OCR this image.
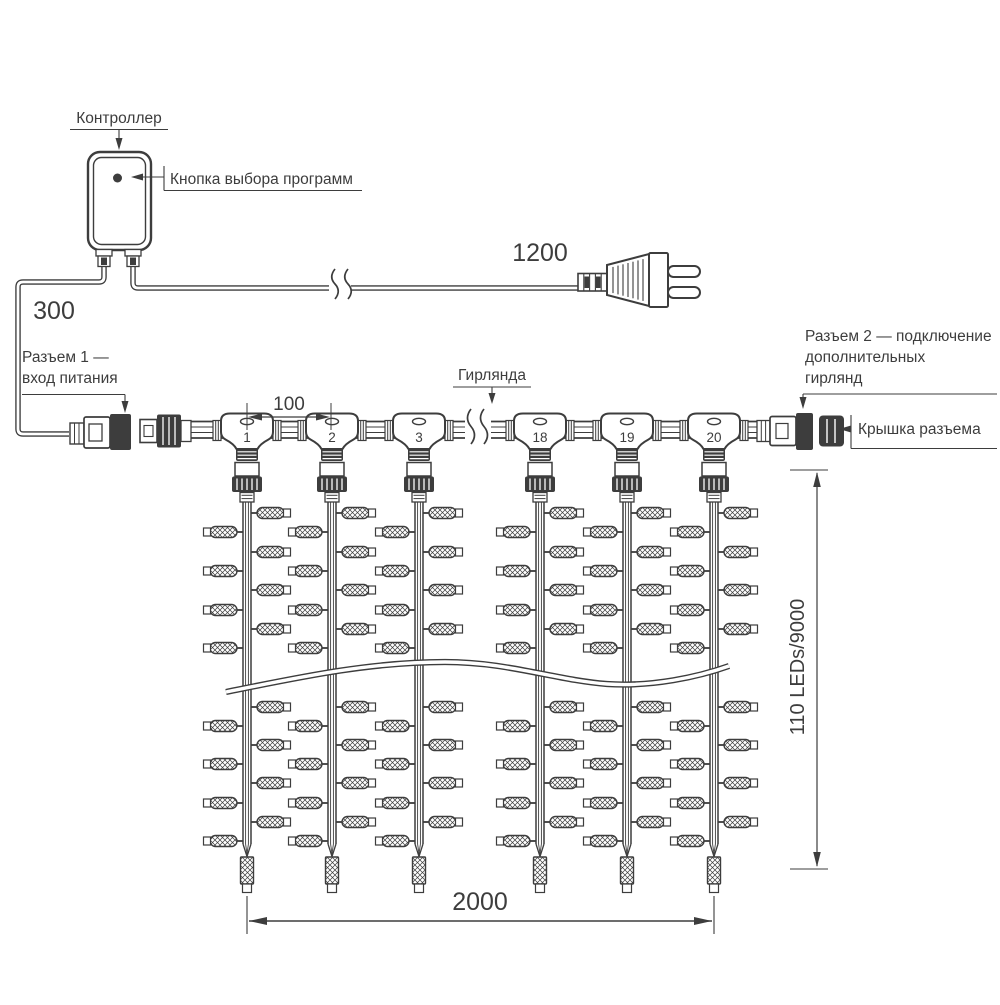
Контроллер
Кнопка выбора программ
300
1200
Разъем 1 —
вход питания
Разъем 2 — подключение
дополнительных
гирлянд
1	2	3	18	19	20	Крышка разъема
Гирлянда
100
2000
110 LEDs/9000
